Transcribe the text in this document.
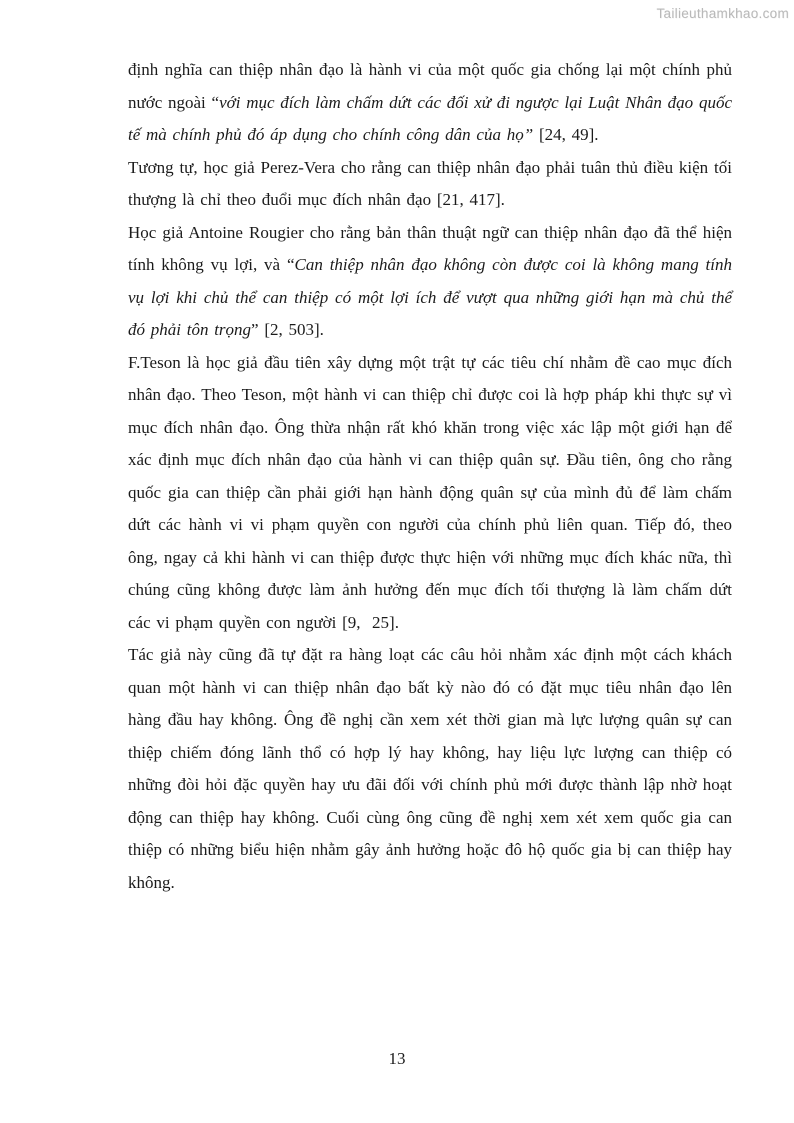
Tailieuthamkhao.com

định nghĩa can thiệp nhân đạo là hành vi của một quốc gia chống lại một chính phủ nước ngoài “với mục đích làm chấm dứt các đối xử đi ngược lại Luật Nhân đạo quốc tế mà chính phủ đó áp dụng cho chính công dân của họ” [24, 49].

Tương tự, học giả Perez-Vera cho rằng can thiệp nhân đạo phải tuân thủ điều kiện tối thượng là chỉ theo đuổi mục đích nhân đạo [21, 417].

Học giả Antoine Rougier cho rằng bản thân thuật ngữ can thiệp nhân đạo đã thể hiện tính không vụ lợi, và “Can thiệp nhân đạo không còn được coi là không mang tính vụ lợi khi chủ thể can thiệp có một lợi ích để vượt qua những giới hạn mà chủ thể đó phải tôn trọng” [2, 503].

F.Teson là học giả đầu tiên xây dựng một trật tự các tiêu chí nhằm đề cao mục đích nhân đạo. Theo Teson, một hành vi can thiệp chỉ được coi là hợp pháp khi thực sự vì mục đích nhân đạo. Ông thừa nhận rất khó khăn trong việc xác lập một giới hạn để xác định mục đích nhân đạo của hành vi can thiệp quân sự. Đầu tiên, ông cho rằng quốc gia can thiệp cần phải giới hạn hành động quân sự của mình đủ để làm chấm dứt các hành vi vi phạm quyền con người của chính phủ liên quan. Tiếp đó, theo ông, ngay cả khi hành vi can thiệp được thực hiện với những mục đích khác nữa, thì chúng cũng không được làm ảnh hưởng đến mục đích tối thượng là làm chấm dứt các vi phạm quyền con người [9,  25].

Tác giả này cũng đã tự đặt ra hàng loạt các câu hỏi nhằm xác định một cách khách quan một hành vi can thiệp nhân đạo bất kỳ nào đó có đặt mục tiêu nhân đạo lên hàng đầu hay không. Ông đề nghị cần xem xét thời gian mà lực lượng quân sự can thiệp chiếm đóng lãnh thổ có hợp lý hay không, hay liệu lực lượng can thiệp có những đòi hỏi đặc quyền hay ưu đãi đối với chính phủ mới được thành lập nhờ hoạt động can thiệp hay không. Cuối cùng ông cũng đề nghị xem xét xem quốc gia can thiệp có những biểu hiện nhằm gây ảnh hưởng hoặc đô hộ quốc gia bị can thiệp hay không.

13
